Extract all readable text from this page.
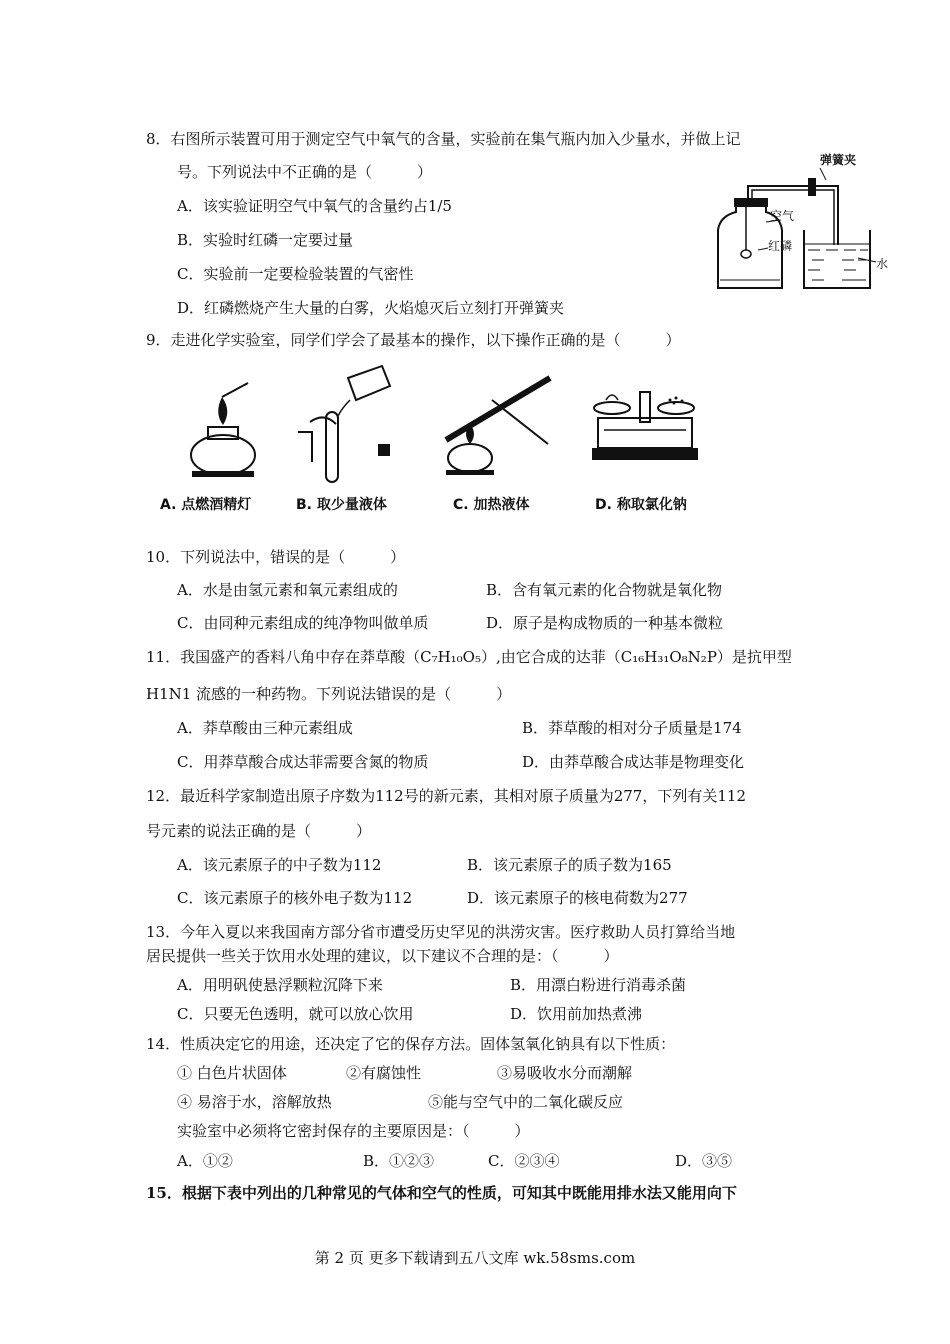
8．右图所示装置可用于测定空气中氧气的含量，实验前在集气瓶内加入少量水，并做上记
号。下列说法中不正确的是（　　　）
A．该实验证明空气中氧气的含量约占1/5
B．实验时红磷一定要过量
C．实验前一定要检验装置的气密性
D．红磷燃烧产生大量的白雾，火焰熄灭后立刻打开弹簧夹
弹簧夹
空气
红磷
水
9．走进化学实验室，同学们学会了最基本的操作，以下操作正确的是（　　　）
A. 点燃酒精灯	B. 取少量液体	C. 加热液体	D. 称取氯化钠
10．下列说法中，错误的是（　　　）
A．水是由氢元素和氧元素组成的	B．含有氧元素的化合物就是氧化物
C．由同种元素组成的纯净物叫做单质	D．原子是构成物质的一种基本微粒
11．我国盛产的香料八角中存在莽草酸（C₇H₁₀O₅）,由它合成的达菲（C₁₆H₃₁O₈N₂P）是抗甲型
H1N1 流感的一种药物。下列说法错误的是（　　　）
A．莽草酸由三种元素组成	B．莽草酸的相对分子质量是174
C．用莽草酸合成达菲需要含氮的物质	D．由莽草酸合成达菲是物理变化
12．最近科学家制造出原子序数为112号的新元素，其相对原子质量为277，下列有关112
号元素的说法正确的是（　　　）
A．该元素原子的中子数为112	B．该元素原子的质子数为165
C．该元素原子的核外电子数为112	D．该元素原子的核电荷数为277
13．今年入夏以来我国南方部分省市遭受历史罕见的洪涝灾害。医疗救助人员打算给当地
居民提供一些关于饮用水处理的建议，以下建议不合理的是：（　　　）
A．用明矾使悬浮颗粒沉降下来	B．用漂白粉进行消毒杀菌
C．只要无色透明，就可以放心饮用	D．饮用前加热煮沸
14．性质决定它的用途，还决定了它的保存方法。固体氢氧化钠具有以下性质：
① 白色片状固体	②有腐蚀性	③易吸收水分而潮解
④ 易溶于水，溶解放热	⑤能与空气中的二氧化碳反应
实验室中必须将它密封保存的主要原因是：（　　　）
A．①②	B．①②③	C．②③④	D．③⑤
15．根据下表中列出的几种常见的气体和空气的性质，可知其中既能用排水法又能用向下
第 2 页 更多下载请到五八文库 wk.58sms.com
